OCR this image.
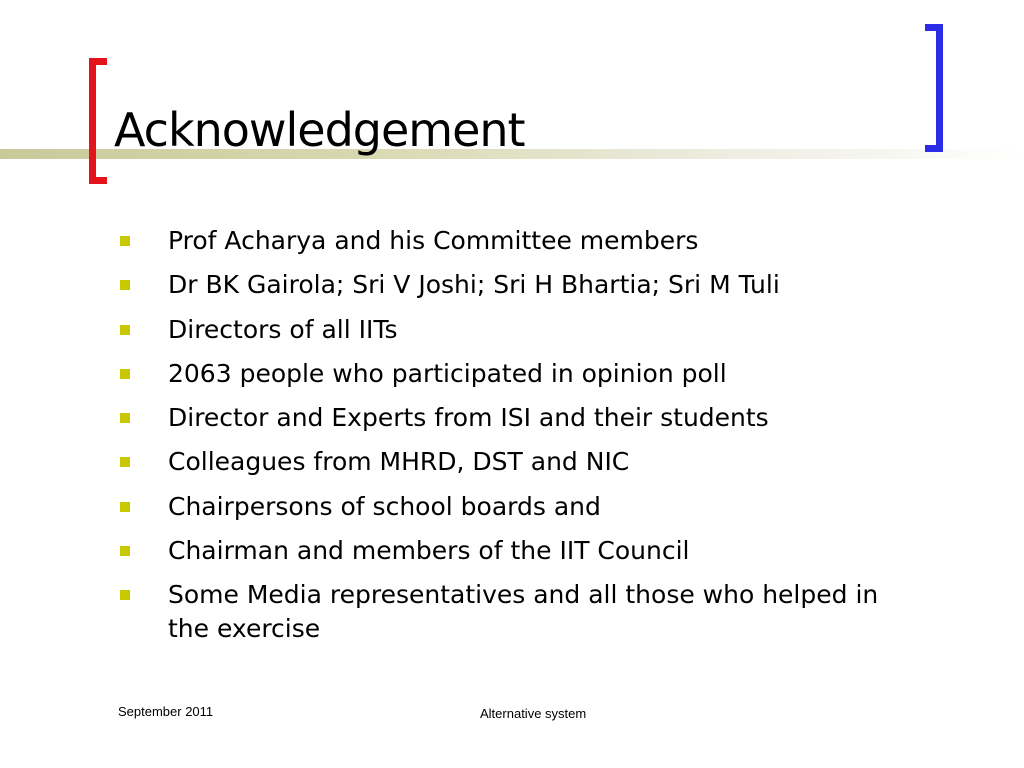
Acknowledgement
Prof Acharya and his Committee members
Dr BK Gairola; Sri V Joshi; Sri H Bhartia; Sri M Tuli
Directors of all IITs
2063 people who participated in opinion poll
Director and Experts from ISI and their students
Colleagues from MHRD, DST and NIC
Chairpersons of school boards and
Chairman and members of the IIT Council
Some Media representatives and all those who helped in the exercise
September 2011	Alternative system
